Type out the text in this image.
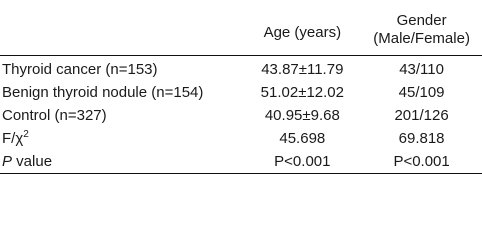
	Age (years)	Gender
(Male/Female)

Thyroid cancer (n=153)	43.87±11.79	43/110
Benign thyroid nodule (n=154)	51.02±12.02	45/109
Control (n=327)	40.95±9.68	201/126
$F/\chi^2$	45.698	69.818
P value	P<0.001	P<0.001
